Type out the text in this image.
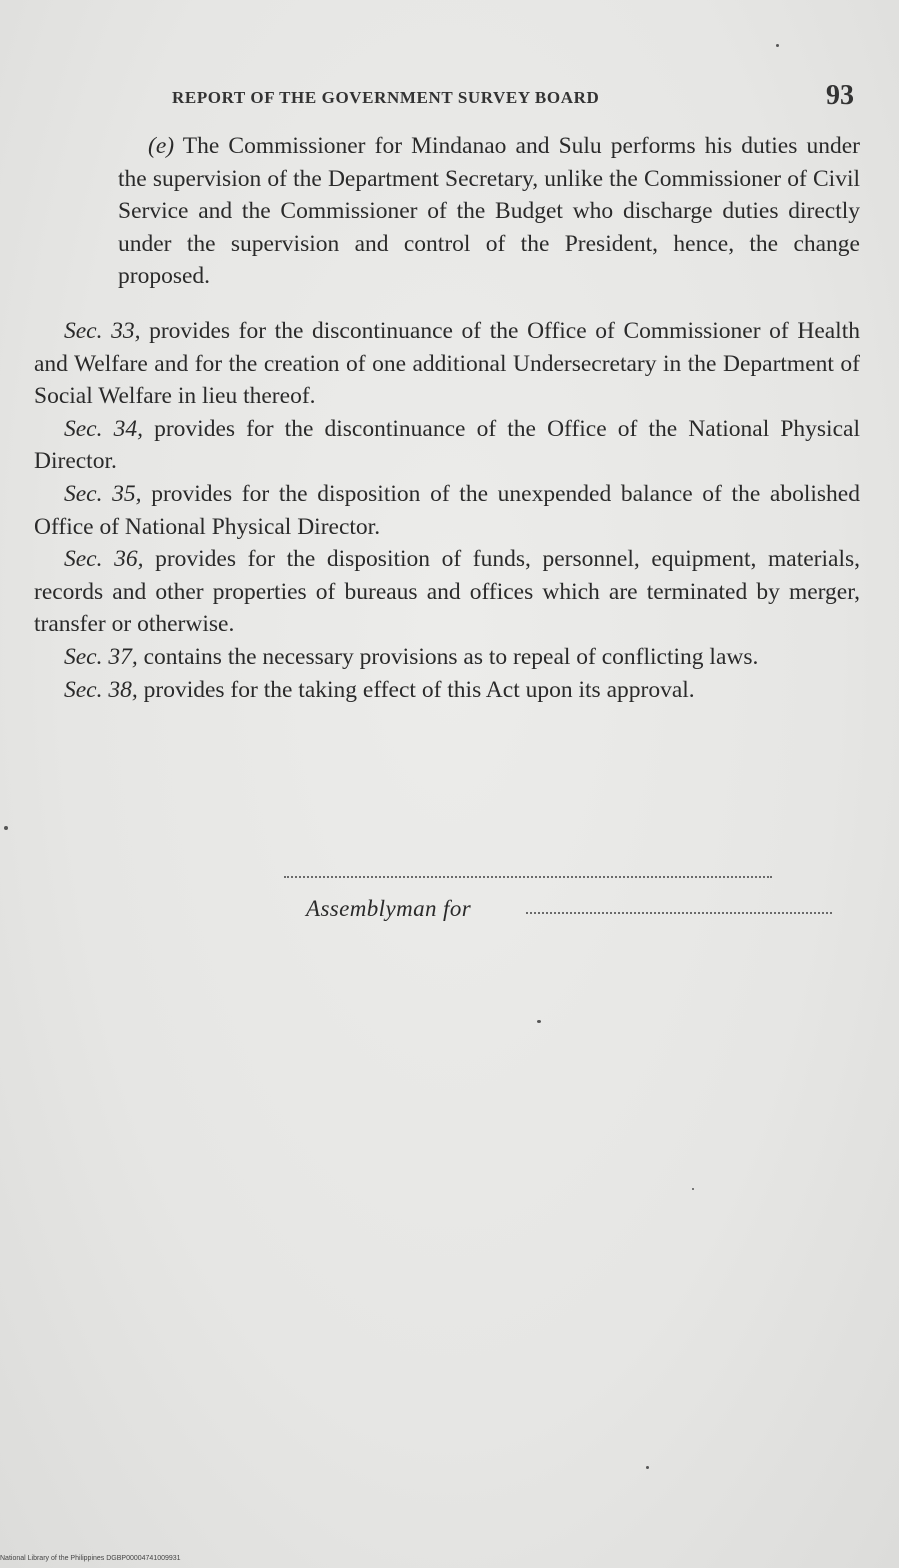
REPORT OF THE GOVERNMENT SURVEY BOARD	93

(e) The Commissioner for Mindanao and Sulu performs his duties under the supervision of the Department Secretary, unlike the Commissioner of Civil Service and the Commissioner of the Budget who discharge duties directly under the supervision and control of the President, hence, the change proposed.

Sec. 33, provides for the discontinuance of the Office of Commissioner of Health and Welfare and for the creation of one additional Undersecretary in the Department of Social Welfare in lieu thereof.

Sec. 34, provides for the discontinuance of the Office of the National Physical Director.

Sec. 35, provides for the disposition of the unexpended balance of the abolished Office of National Physical Director.

Sec. 36, provides for the disposition of funds, personnel, equipment, materials, records and other properties of bureaus and offices which are terminated by merger, transfer or otherwise.

Sec. 37, contains the necessary provisions as to repeal of conflicting laws.

Sec. 38, provides for the taking effect of this Act upon its approval.

Assemblyman for
National Library of the Philippines DGBP00004741009931
